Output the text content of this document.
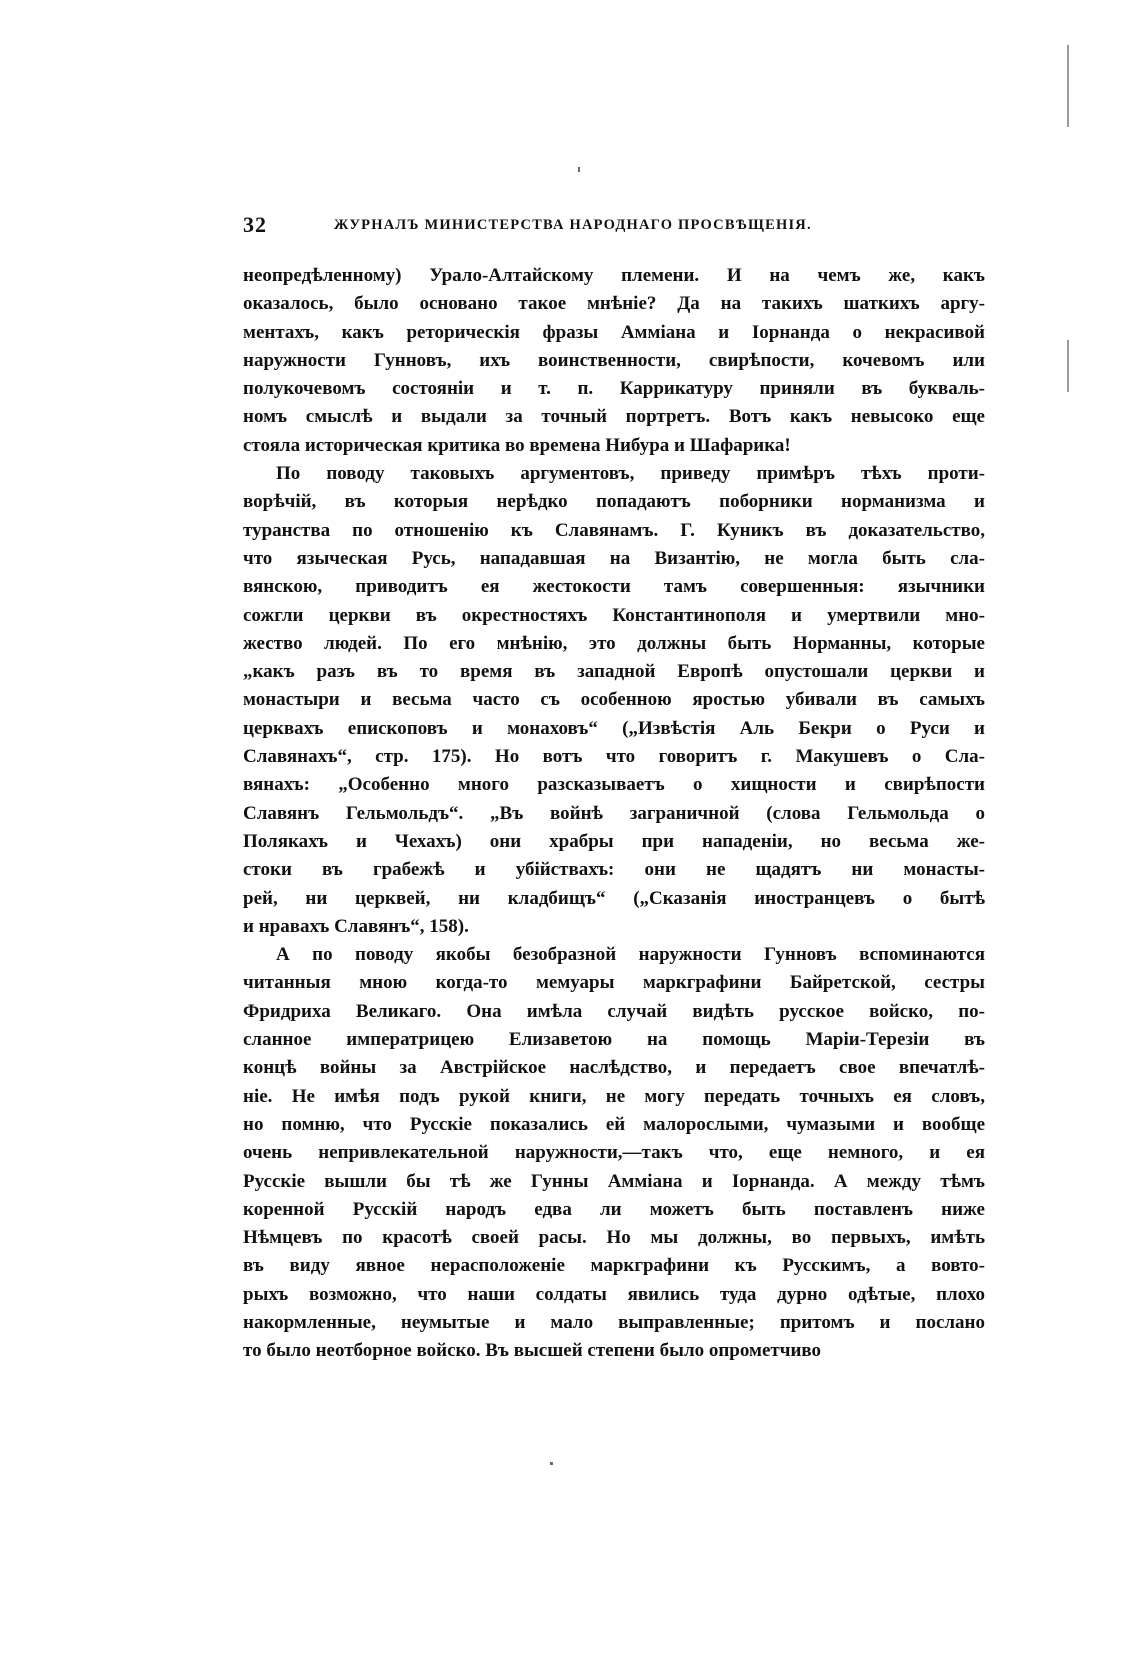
32	ЖУРНАЛЪ МИНИСТЕРСТВА НАРОДНАГО ПРОСВѢЩЕНІЯ.
неопредѣленному) Урало-Алтайскому племени. И на чемъ же, какъ
оказалось, было основано такое мнѣніе? Да на такихъ шаткихъ аргу-
ментахъ, какъ реторическія фразы Амміана и Іорнанда о некрасивой
наружности Гунновъ, ихъ воинственности, свирѣпости, кочевомъ или
полукочевомъ состояніи и т. п. Каррикатуру приняли въ букваль-
номъ смыслѣ и выдали за точный портретъ. Вотъ какъ невысоко еще
стояла историческая критика во времена Нибура и Шафарика!
По поводу таковыхъ аргументовъ, приведу примѣръ тѣхъ проти-
ворѣчій, въ которыя нерѣдко попадаютъ поборники норманизма и
туранства по отношенію къ Славянамъ. Г. Куникъ въ доказательство,
что языческая Русь, нападавшая на Византію, не могла быть сла-
вянскою, приводитъ ея жестокости тамъ совершенныя: язычники
сожгли церкви въ окрестностяхъ Константинополя и умертвили мно-
жество людей. По его мнѣнію, это должны быть Норманны, которые
„какъ разъ въ то время въ западной Европѣ опустошали церкви и
монастыри и весьма часто съ особенною яростью убивали въ самыхъ
церквахъ епископовъ и монаховъ“ („Извѣстія Аль Бекри о Руси и
Славянахъ“, стр. 175). Но вотъ что говоритъ г. Макушевъ о Сла-
вянахъ: „Особенно много разсказываетъ о хищности и свирѣпости
Славянъ Гельмольдъ“. „Въ войнѣ заграничной (слова Гельмольда о
Полякахъ и Чехахъ) они храбры при нападеніи, но весьма же-
стоки въ грабежѣ и убійствахъ: они не щадятъ ни монасты-
рей, ни церквей, ни кладбищъ“ („Сказанія иностранцевъ о бытѣ
и нравахъ Славянъ“, 158).
А по поводу якобы безобразной наружности Гунновъ вспоминаются
читанныя мною когда-то мемуары маркграфини Байретской, сестры
Фридриха Великаго. Она имѣла случай видѣть русское войско, по-
сланное императрицею Елизаветою на помощь Маріи-Терезіи въ
концѣ войны за Австрійское наслѣдство, и передаетъ свое впечатлѣ-
ніе. Не имѣя подъ рукой книги, не могу передать точныхъ ея словъ,
но помню, что Русскіе показались ей малорослыми, чумазыми и вообще
очень непривлекательной наружности,—такъ что, еще немного, и ея
Русскіе вышли бы тѣ же Гунны Амміана и Іорнанда. А между тѣмъ
коренной Русскій народъ едва ли можетъ быть поставленъ ниже
Нѣмцевъ по красотѣ своей расы. Но мы должны, во первыхъ, имѣть
въ виду явное нерасположеніе маркграфини къ Русскимъ, а вовто-
рыхъ возможно, что наши солдаты явились туда дурно одѣтые, плохо
накормленные, неумытые и мало выправленные; притомъ и послано
то было неотборное войско. Въ высшей степени было опрометчиво
